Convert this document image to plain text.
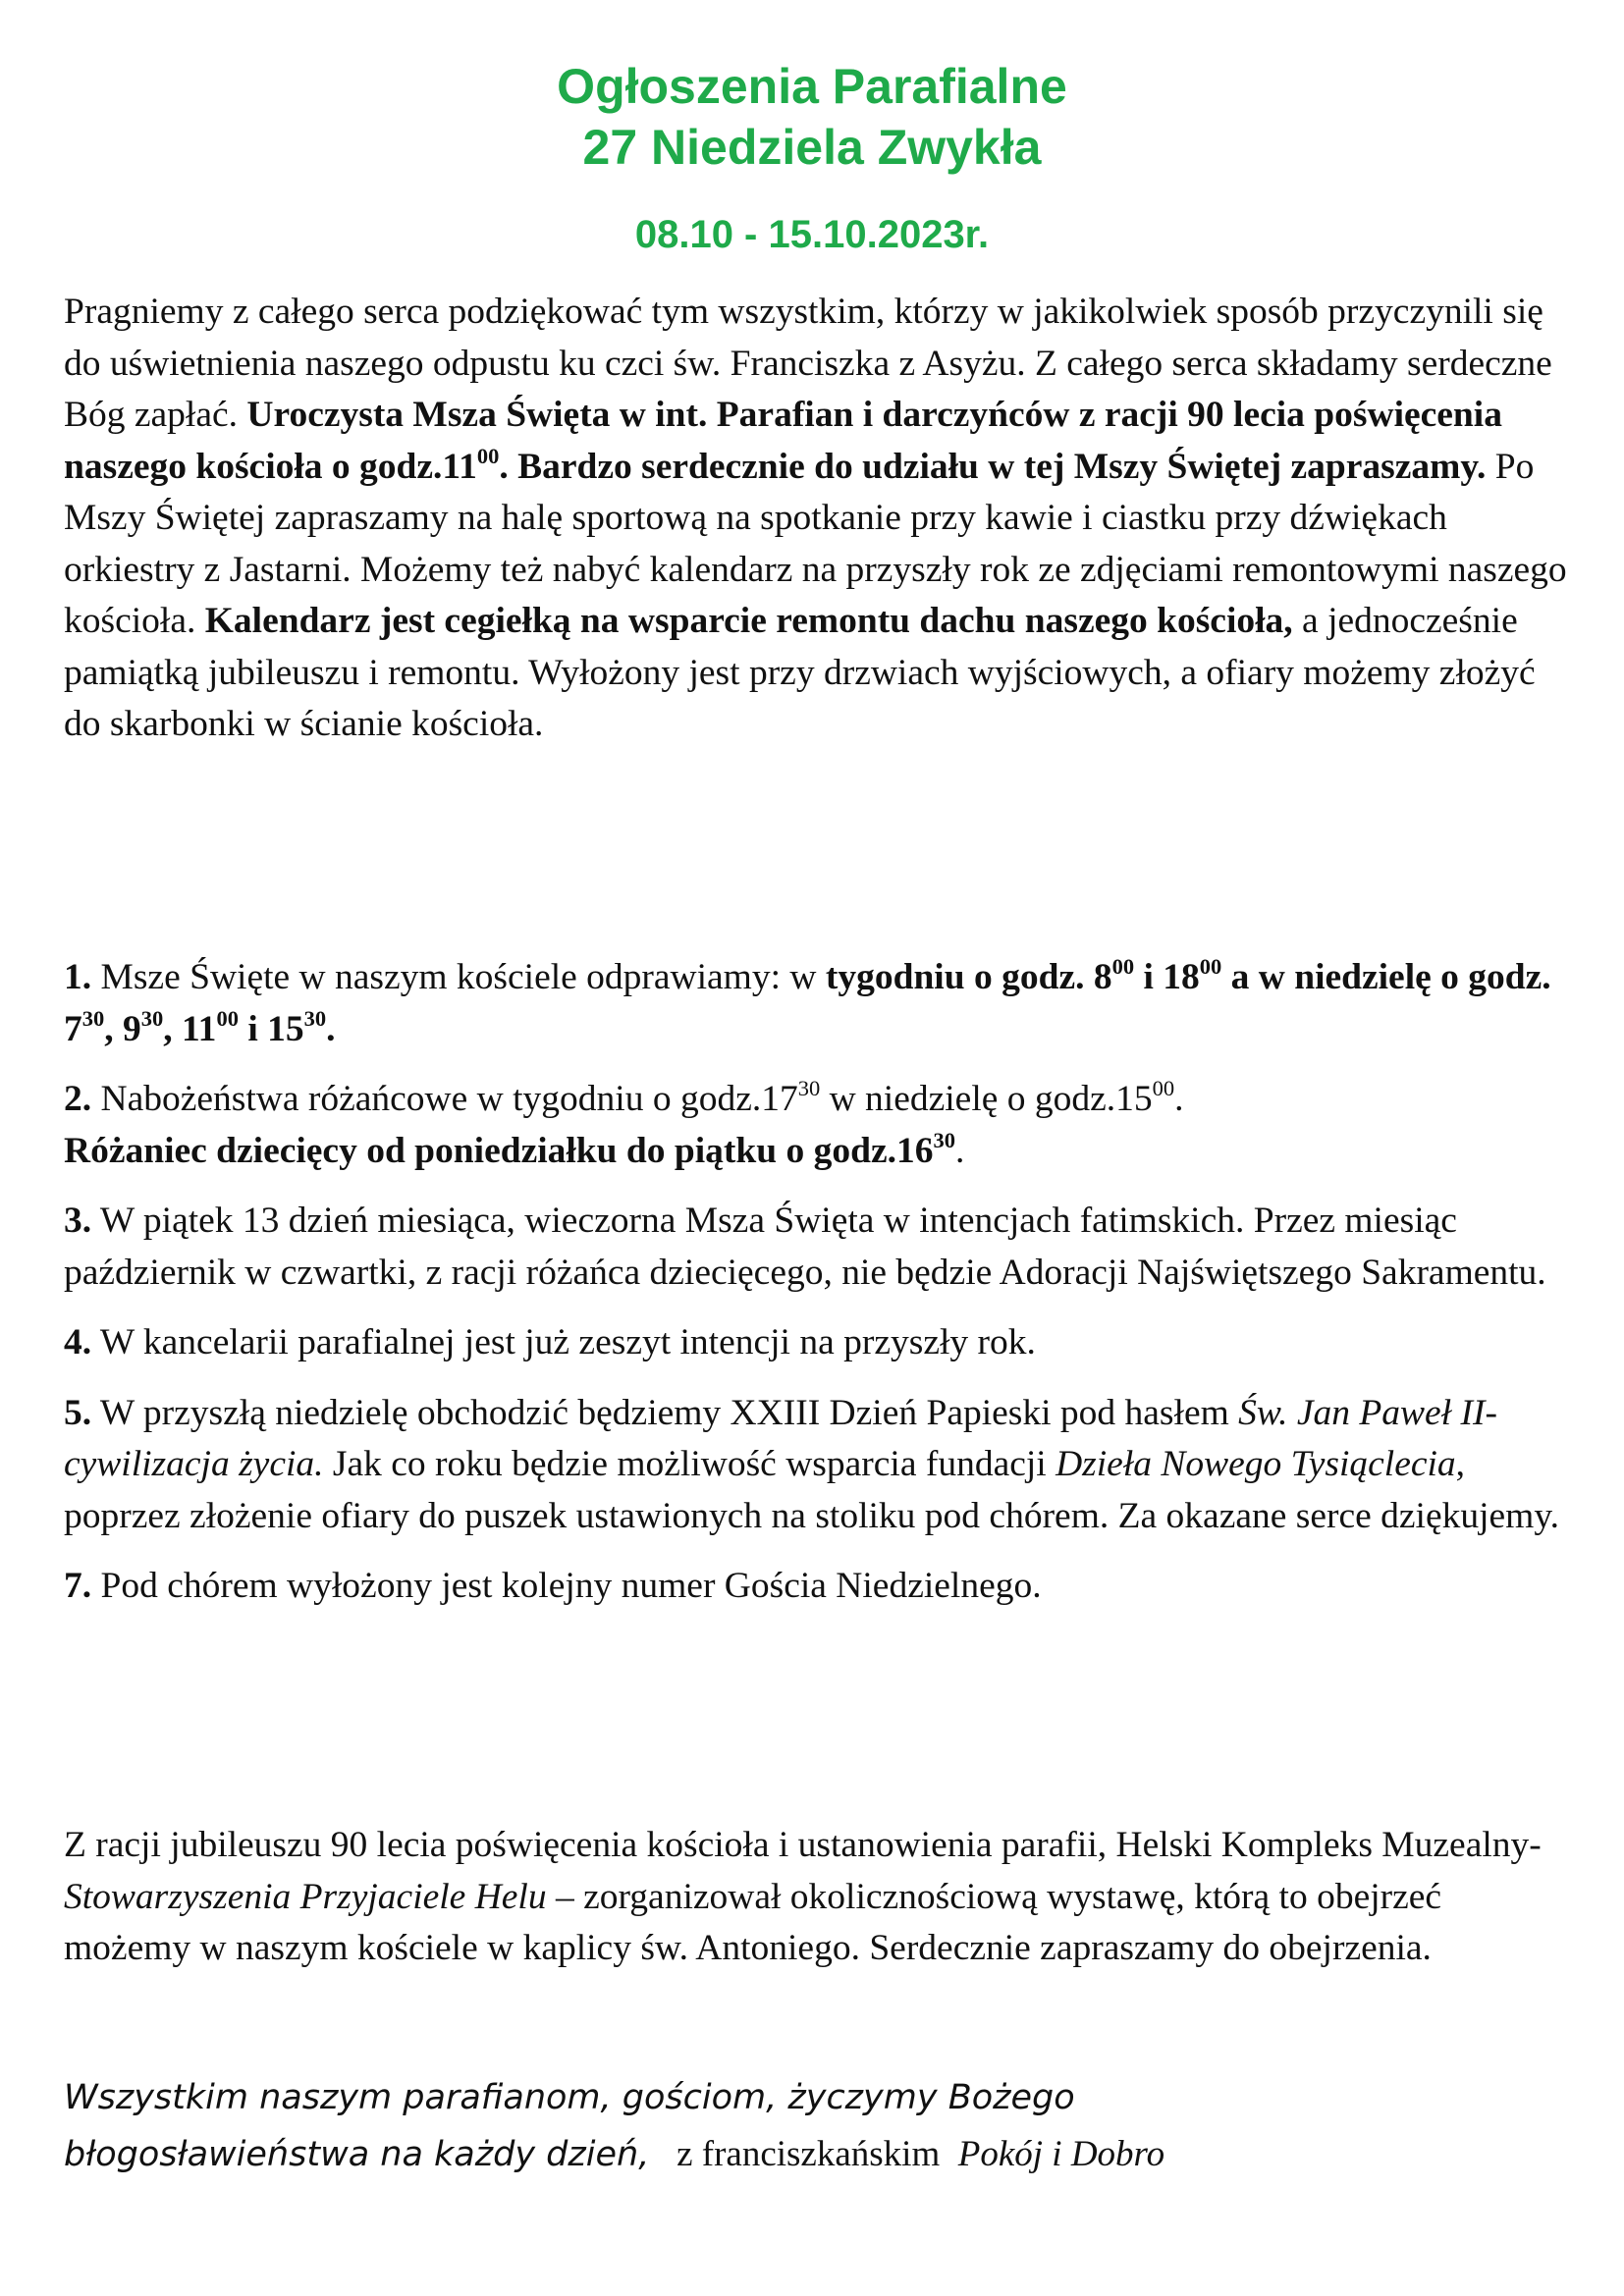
Ogłoszenia Parafialne
27 Niedziela Zwykła
08.10 - 15.10.2023r.

Pragniemy z całego serca podziękować tym wszystkim, którzy w jakikolwiek sposób przyczynili się do uświetnienia naszego odpustu ku czci św. Franciszka z Asyżu. Z całego serca składamy serdeczne Bóg zapłać. Uroczysta Msza Święta w int. Parafian i darczyńców z racji 90 lecia poświęcenia naszego kościoła o $godz.11^{00}$. Bardzo serdecznie do udziału w tej Mszy Świętej zapraszamy. Po Mszy Świętej zapraszamy na halę sportową na spotkanie przy kawie i ciastku przy dźwiękach orkiestry z Jastarni. Możemy też nabyć kalendarz na przyszły rok ze zdjęciami remontowymi naszego kościoła. Kalendarz jest cegiełką na wsparcie remontu dachu naszego kościoła, a jednocześnie pamiątką jubileuszu i remontu. Wyłożony jest przy drzwiach wyjściowych, a ofiary możemy złożyć do skarbonki w ścianie kościoła.

1. Msze Święte w naszym kościele odprawiamy: w tygodniu o godz. $8^{00}$ i $18^{00}$ a w niedzielę o godz. $7^{30}$, $9^{30}$, $11^{00}$ i $15^{30}$.

2. Nabożeństwa różańcowe w tygodniu o $godz.17^{30}$ w niedzielę o $godz.15^{00}$.
Różaniec dziecięcy od poniedziałku do piątku o $godz.16^{30}$.

3. W piątek 13 dzień miesiąca, wieczorna Msza Święta w intencjach fatimskich. Przez miesiąc październik w czwartki, z racji różańca dziecięcego, nie będzie Adoracji Najświętszego Sakramentu.

4. W kancelarii parafialnej jest już zeszyt intencji na przyszły rok.

5. W przyszłą niedzielę obchodzić będziemy XXIII Dzień Papieski pod hasłem Św. Jan Paweł II- cywilizacja życia. Jak co roku będzie możliwość wsparcia fundacji Dzieła Nowego Tysiąclecia, poprzez złożenie ofiary do puszek ustawionych na stoliku pod chórem. Za okazane serce dziękujemy.

7. Pod chórem wyłożony jest kolejny numer Gościa Niedzielnego.

Z racji jubileuszu 90 lecia poświęcenia kościoła i ustanowienia parafii, Helski Kompleks Muzealny- Stowarzyszenia Przyjaciele Helu – zorganizował okolicznościową wystawę, którą to obejrzeć możemy w naszym kościele w kaplicy św. Antoniego. Serdecznie zapraszamy do obejrzenia.

Wszystkim naszym parafianom, gościom, życzymy Bożego
błogosławieństwa na każdy dzień, z franciszkańskim Pokój i Dobro
